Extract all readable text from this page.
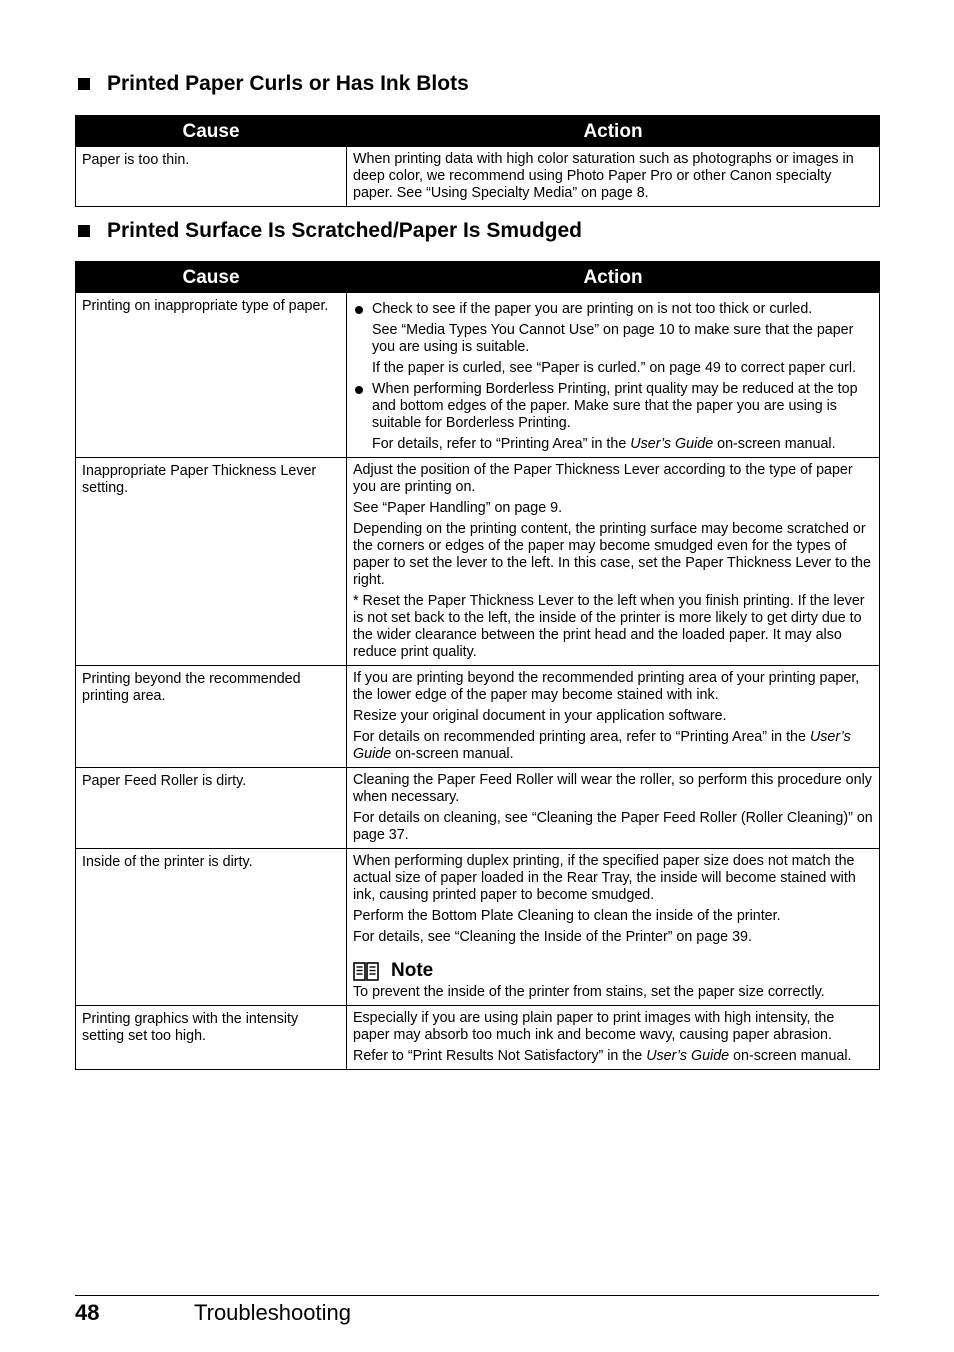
Printed Paper Curls or Has Ink Blots
Cause	Action
Paper is too thin.	When printing data with high color saturation such as photographs or images in deep color, we recommend using Photo Paper Pro or other Canon specialty paper. See “Using Specialty Media” on page 8.

Printed Surface Is Scratched/Paper Is Smudged
Cause	Action
Printing on inappropriate type of paper.	Check to see if the paper you are printing on is not too thick or curled.

See “Media Types You Cannot Use” on page 10 to make sure that the paper you are using is suitable.

If the paper is curled, see “Paper is curled.” on page 49 to correct paper curl.

When performing Borderless Printing, print quality may be reduced at the top and bottom edges of the paper. Make sure that the paper you are using is suitable for Borderless Printing.

For details, refer to “Printing Area” in the User’s Guide on-screen manual.

Inappropriate Paper Thickness Lever setting.	Adjust the position of the Paper Thickness Lever according to the type of paper you are printing on.

See “Paper Handling” on page 9.

Depending on the printing content, the printing surface may become scratched or the corners or edges of the paper may become smudged even for the types of paper to set the lever to the left. In this case, set the Paper Thickness Lever to the right.

* Reset the Paper Thickness Lever to the left when you finish printing. If the lever is not set back to the left, the inside of the printer is more likely to get dirty due to the wider clearance between the print head and the loaded paper. It may also reduce print quality.

Printing beyond the recommended printing area.	If you are printing beyond the recommended printing area of your printing paper, the lower edge of the paper may become stained with ink.

Resize your original document in your application software.

For details on recommended printing area, refer to “Printing Area” in the User’s Guide on-screen manual.

Paper Feed Roller is dirty.	Cleaning the Paper Feed Roller will wear the roller, so perform this procedure only when necessary.

For details on cleaning, see “Cleaning the Paper Feed Roller (Roller Cleaning)” on page 37.

Inside of the printer is dirty.	When performing duplex printing, if the specified paper size does not match the actual size of paper loaded in the Rear Tray, the inside will become stained with ink, causing printed paper to become smudged.

Perform the Bottom Plate Cleaning to clean the inside of the printer.

For details, see “Cleaning the Inside of the Printer” on page 39.

Note

To prevent the inside of the printer from stains, set the paper size correctly.

Printing graphics with the intensity setting set too high.	Especially if you are using plain paper to print images with high intensity, the paper may absorb too much ink and become wavy, causing paper abrasion.

Refer to “Print Results Not Satisfactory” in the User’s Guide on-screen manual.

48	Troubleshooting
